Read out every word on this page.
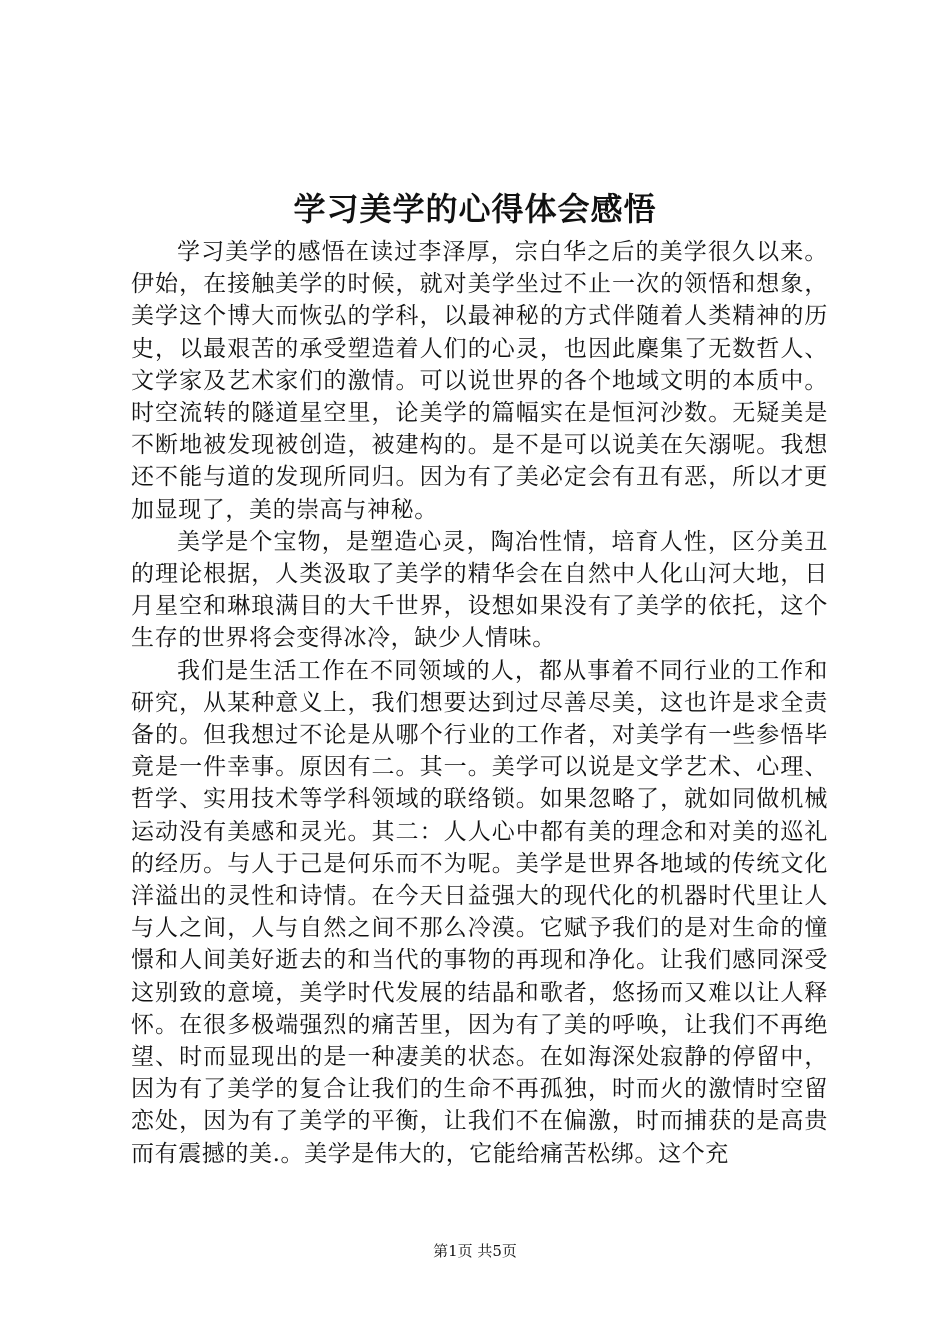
学习美学的心得体会感悟

学习美学的感悟在读过李泽厚，宗白华之后的美学很久以来。伊始，在接触美学的时候，就对美学坐过不止一次的领悟和想象，美学这个博大而恢弘的学科，以最神秘的方式伴随着人类精神的历史，以最艰苦的承受塑造着人们的心灵，也因此麇集了无数哲人、文学家及艺术家们的激情。可以说世界的各个地域文明的本质中。时空流转的隧道星空里，论美学的篇幅实在是恒河沙数。无疑美是不断地被发现被创造，被建构的。是不是可以说美在矢溺呢。我想还不能与道的发现所同归。因为有了美必定会有丑有恶，所以才更加显现了，美的崇高与神秘。

美学是个宝物，是塑造心灵，陶冶性情，培育人性，区分美丑的理论根据，人类汲取了美学的精华会在自然中人化山河大地，日月星空和琳琅满目的大千世界，设想如果没有了美学的依托，这个生存的世界将会变得冰冷，缺少人情味。

我们是生活工作在不同领域的人，都从事着不同行业的工作和研究，从某种意义上，我们想要达到过尽善尽美，这也许是求全责备的。但我想过不论是从哪个行业的工作者，对美学有一些参悟毕竟是一件幸事。原因有二。其一。美学可以说是文学艺术、心理、哲学、实用技术等学科领域的联络锁。如果忽略了，就如同做机械运动没有美感和灵光。其二：人人心中都有美的理念和对美的巡礼的经历。与人于己是何乐而不为呢。美学是世界各地域的传统文化洋溢出的灵性和诗情。在今天日益强大的现代化的机器时代里让人与人之间，人与自然之间不那么冷漠。它赋予我们的是对生命的憧憬和人间美好逝去的和当代的事物的再现和净化。让我们感同深受这别致的意境，美学时代发展的结晶和歌者，悠扬而又难以让人释怀。在很多极端强烈的痛苦里，因为有了美的呼唤，让我们不再绝望、时而显现出的是一种凄美的状态。在如海深处寂静的停留中，因为有了美学的复合让我们的生命不再孤独，时而火的激情时空留恋处，因为有了美学的平衡，让我们不在偏激，时而捕获的是高贵而有震撼的美.。美学是伟大的，它能给痛苦松绑。这个充

第1页 共5页
